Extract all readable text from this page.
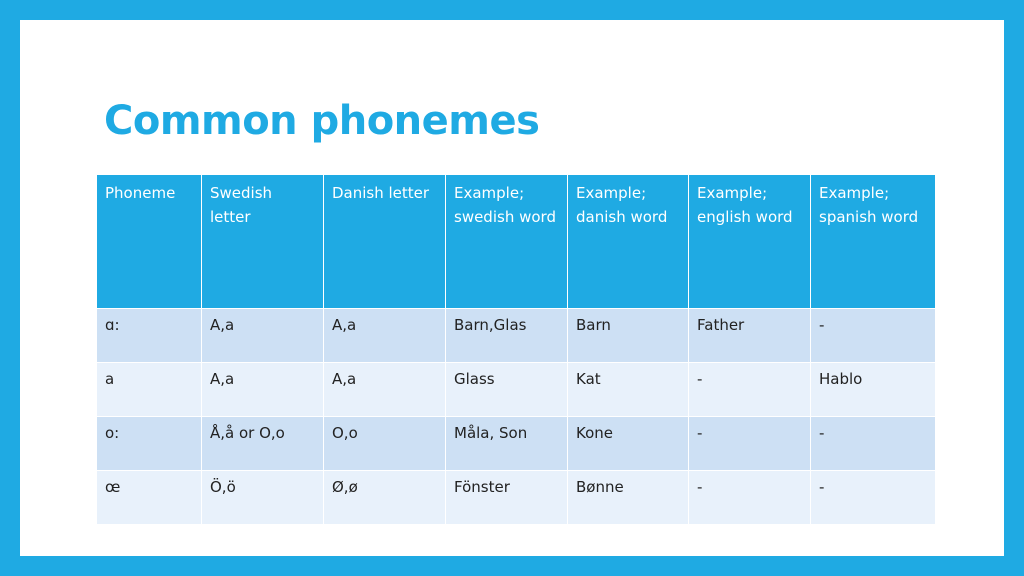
Common phonemes
Phoneme	Swedish letter	Danish letter	Example; swedish word	Example; danish word	Example; english word	Example; spanish word
ɑ:	A,a	A,a	Barn,Glas	Barn	Father	-
a	A,a	A,a	Glass	Kat	-	Hablo
o:	Å,å or O,o	O,o	Måla, Son	Kone	-	-
œ	Ö,ö	Ø,ø	Fönster	Bønne	-	-
